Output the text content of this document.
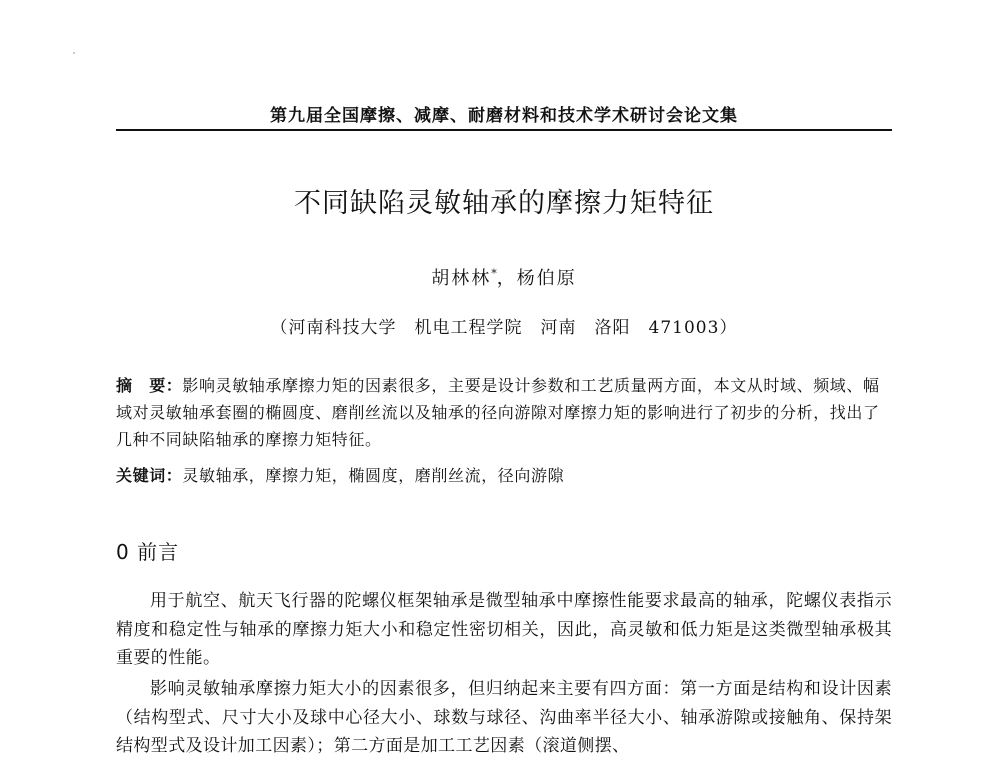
第九届全国摩擦、减摩、耐磨材料和技术学术研讨会论文集
不同缺陷灵敏轴承的摩擦力矩特征
胡林林*，杨伯原
（河南科技大学　机电工程学院　河南　洛阳　471003）
摘　要：影响灵敏轴承摩擦力矩的因素很多，主要是设计参数和工艺质量两方面，本文从时域、频域、幅域对灵敏轴承套圈的椭圆度、磨削丝流以及轴承的径向游隙对摩擦力矩的影响进行了初步的分析，找出了几种不同缺陷轴承的摩擦力矩特征。
关键词：灵敏轴承，摩擦力矩，椭圆度，磨削丝流，径向游隙
0 前言
用于航空、航天飞行器的陀螺仪框架轴承是微型轴承中摩擦性能要求最高的轴承，陀螺仪表指示精度和稳定性与轴承的摩擦力矩大小和稳定性密切相关，因此，高灵敏和低力矩是这类微型轴承极其重要的性能。
影响灵敏轴承摩擦力矩大小的因素很多，但归纳起来主要有四方面：第一方面是结构和设计因素（结构型式、尺寸大小及球中心径大小、球数与球径、沟曲率半径大小、轴承游隙或接触角、保持架结构型式及设计加工因素）；第二方面是加工工艺因素（滚道侧摆、
